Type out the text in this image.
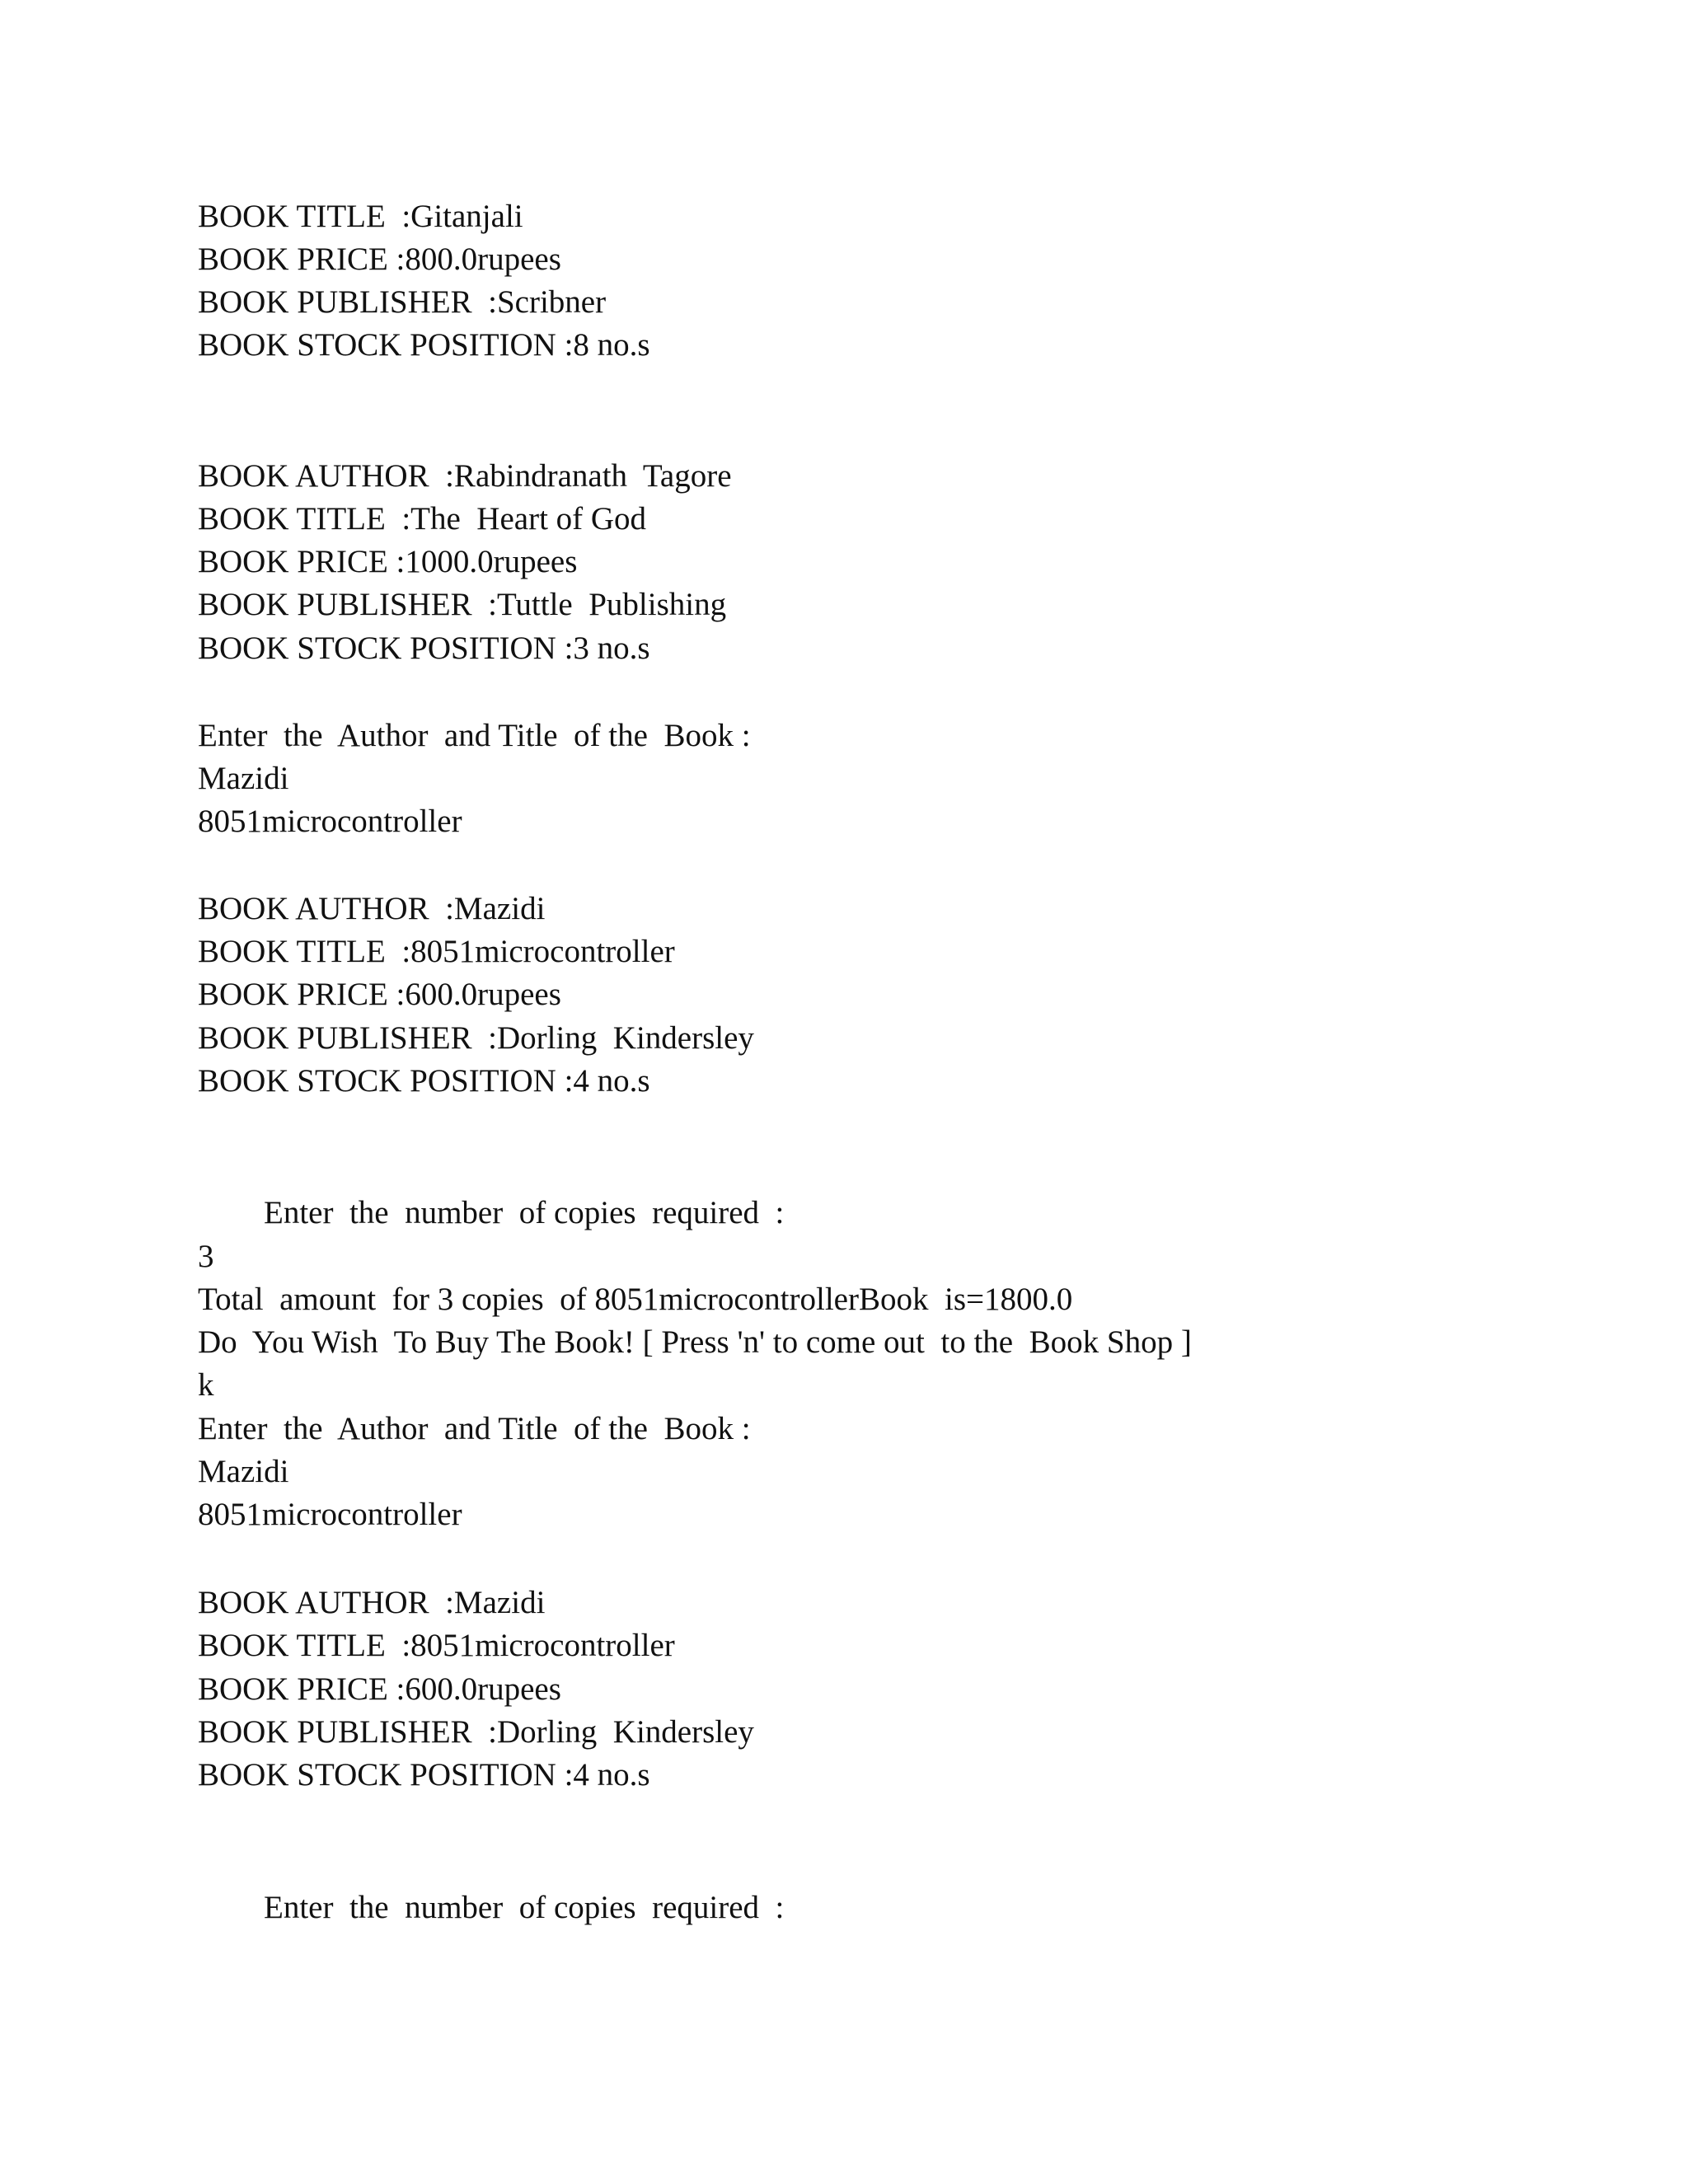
BOOK TITLE  :Gitanjali
BOOK PRICE :800.0rupees
BOOK PUBLISHER  :Scribner
BOOK STOCK POSITION :8 no.s
BOOK AUTHOR  :Rabindranath  Tagore
BOOK TITLE  :The  Heart of God
BOOK PRICE :1000.0rupees
BOOK PUBLISHER  :Tuttle  Publishing
BOOK STOCK POSITION :3 no.s
Enter  the  Author  and Title  of the  Book :
Mazidi
8051microcontroller
BOOK AUTHOR  :Mazidi
BOOK TITLE  :8051microcontroller
BOOK PRICE :600.0rupees
BOOK PUBLISHER  :Dorling  Kindersley
BOOK STOCK POSITION :4 no.s
Enter  the  number  of copies  required  :
3
Total  amount  for 3 copies  of 8051microcontrollerBook  is=1800.0
Do  You Wish  To Buy The Book! [ Press 'n' to come out  to the  Book Shop ]
k
Enter  the  Author  and Title  of the  Book :
Mazidi
8051microcontroller
BOOK AUTHOR  :Mazidi
BOOK TITLE  :8051microcontroller
BOOK PRICE :600.0rupees
BOOK PUBLISHER  :Dorling  Kindersley
BOOK STOCK POSITION :4 no.s
Enter  the  number  of copies  required  :
